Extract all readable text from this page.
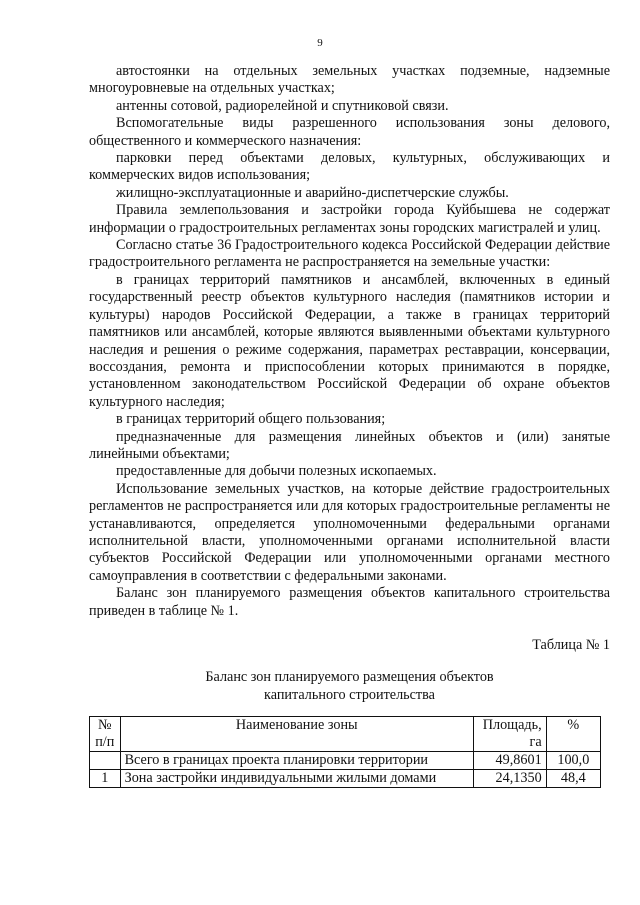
9

автостоянки на отдельных земельных участках подземные, надземные многоуровневые на отдельных участках;

антенны сотовой, радиорелейной и спутниковой связи.

Вспомогательные виды разрешенного использования зоны делового, общественного и коммерческого назначения:

парковки перед объектами деловых, культурных, обслуживающих и коммерческих видов использования;

жилищно-эксплуатационные и аварийно-диспетчерские службы.

Правила землепользования и застройки города Куйбышева не содержат информации о градостроительных регламентах зоны городских магистралей и улиц.

Согласно статье 36 Градостроительного кодекса Российской Федерации действие градостроительного регламента не распространяется на земельные участки:

в границах территорий памятников и ансамблей, включенных в единый государственный реестр объектов культурного наследия (памятников истории и культуры) народов Российской Федерации, а также в границах территорий памятников или ансамблей, которые являются выявленными объектами культурного наследия и решения о режиме содержания, параметрах реставрации, консервации, воссоздания, ремонта и приспособлении которых принимаются в порядке, установленном законодательством Российской Федерации об охране объектов культурного наследия;

в границах территорий общего пользования;

предназначенные для размещения линейных объектов и (или) занятые линейными объектами;

предоставленные для добычи полезных ископаемых.

Использование земельных участков, на которые действие градостроительных регламентов не распространяется или для которых градостроительные регламенты не устанавливаются, определяется уполномоченными федеральными органами исполнительной власти, уполномоченными органами исполнительной власти субъектов Российской Федерации или уполномоченными органами местного самоуправления в соответствии с федеральными законами.

Баланс зон планируемого размещения объектов капитального строительства приведен в таблице № 1.

Таблица № 1
Баланс зон планируемого размещения объектов
капитального строительства
№ п/п	Наименование зоны	Площадь, га	%
	Всего в границах проекта планировки территории	49,8601	100,0
1	Зона застройки индивидуальными жилыми домами	24,1350	48,4
